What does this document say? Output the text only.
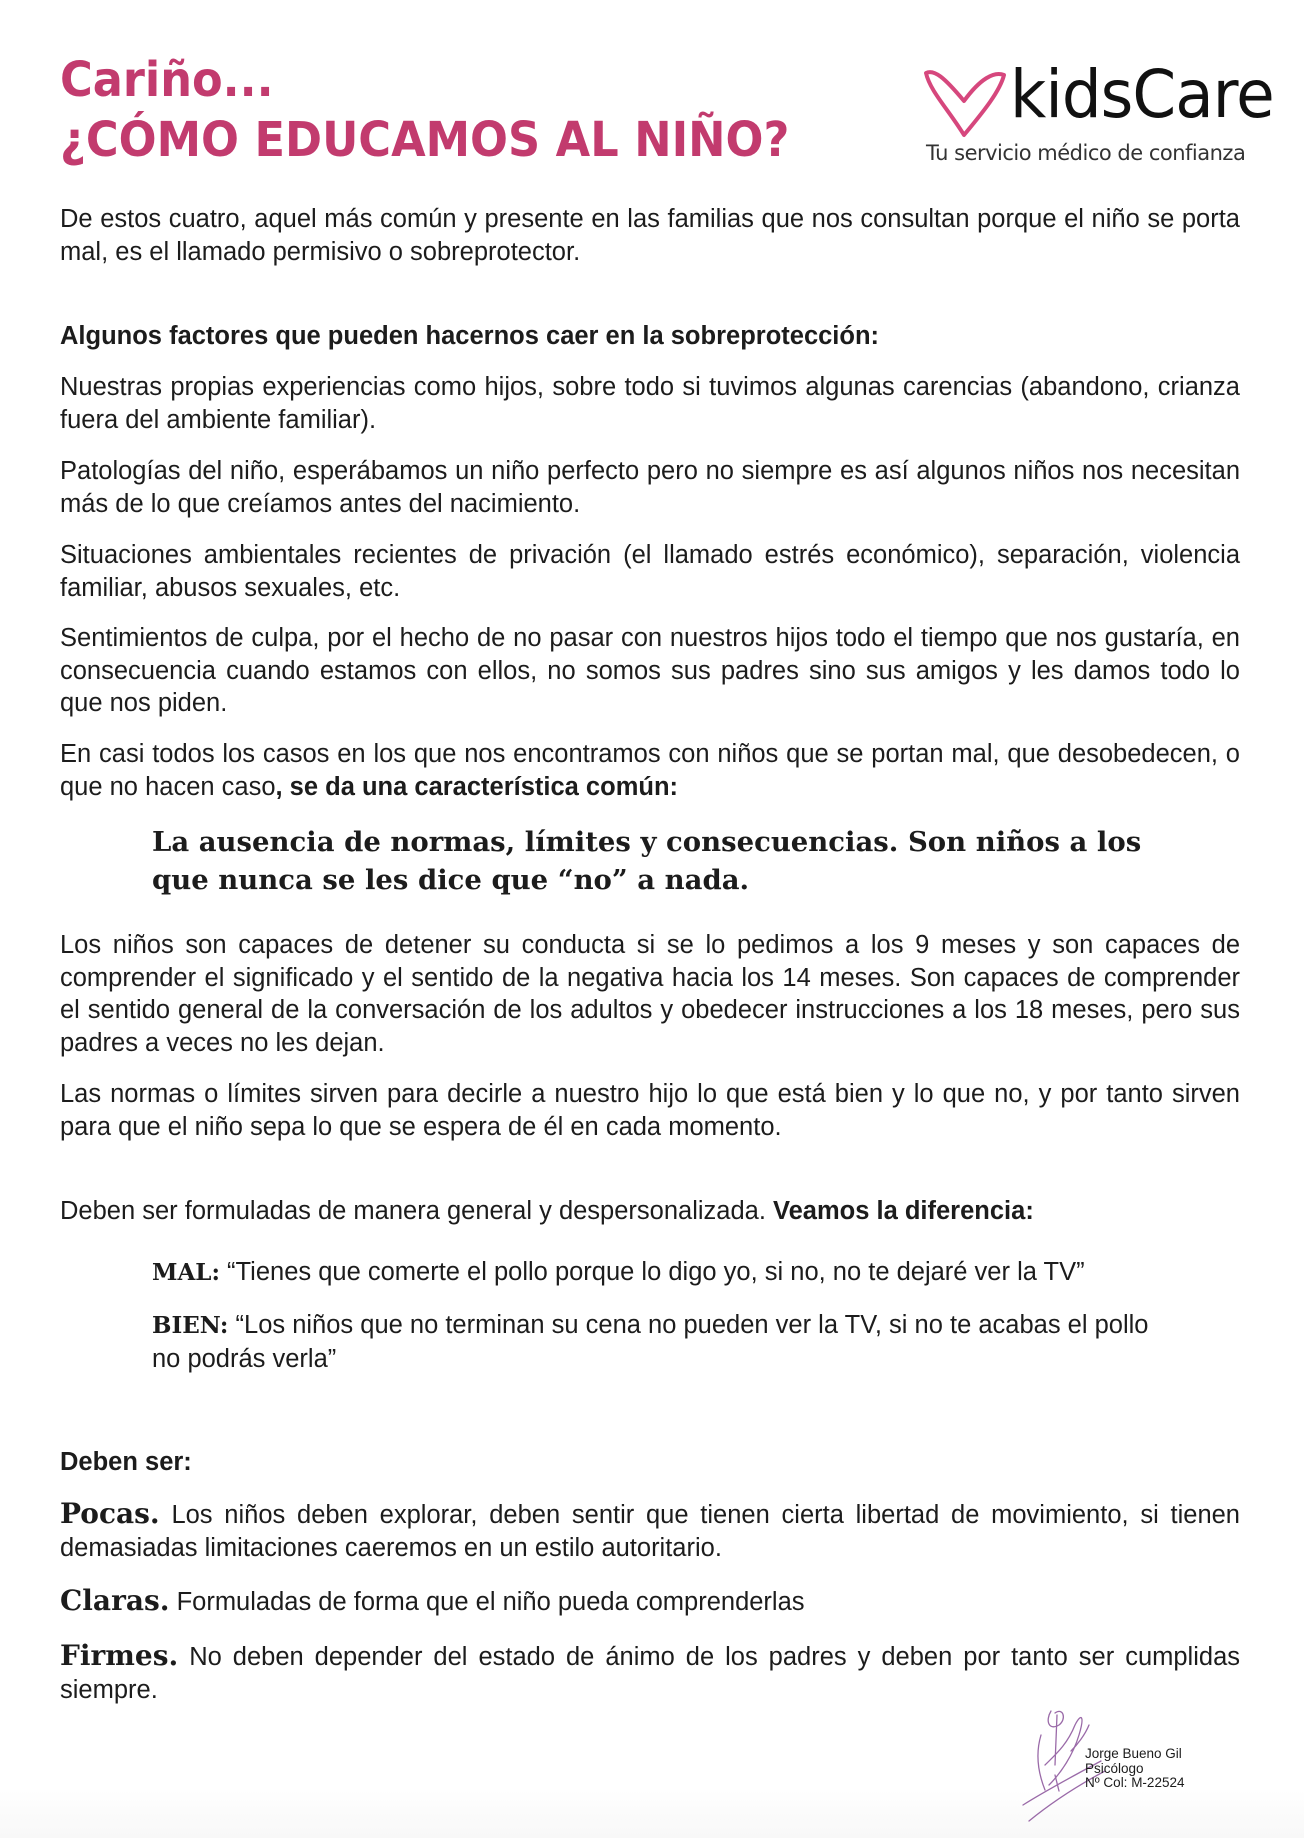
Cariño...
¿CÓMO EDUCAMOS AL NIÑO?
kidsCare
Tu servicio médico de confianza
De estos cuatro, aquel más común y presente en las familias que nos consultan porque el niño se porta mal, es el llamado permisivo o sobreprotector.
Algunos factores que pueden hacernos caer en la sobreprotección:
Nuestras propias experiencias como hijos, sobre todo si tuvimos algunas carencias (abandono, crianza fuera del ambiente familiar).
Patologías del niño, esperábamos un niño perfecto pero no siempre es así algunos niños nos necesitan más de lo que creíamos antes del nacimiento.
Situaciones ambientales recientes de privación (el llamado estrés económico), separación, violencia familiar, abusos sexuales, etc.
Sentimientos de culpa, por el hecho de no pasar con nuestros hijos todo el tiempo que nos gustaría, en consecuencia cuando estamos con ellos, no somos sus padres sino sus amigos y les damos todo lo que nos piden.
En casi todos los casos en los que nos encontramos con niños que se portan mal, que desobedecen, o que no hacen caso, se da una característica común:
La ausencia de normas, límites y consecuencias. Son niños a los que nunca se les dice que “no” a nada.
Los niños son capaces de detener su conducta si se lo pedimos a los 9 meses y son capaces de comprender el significado y el sentido de la negativa hacia los 14 meses. Son capaces de comprender el sentido general de la conversación de los adultos y obedecer instrucciones a los 18 meses, pero sus padres a veces no les dejan.
Las normas o límites sirven para decirle a nuestro hijo lo que está bien y lo que no, y por tanto sirven para que el niño sepa lo que se espera de él en cada momento.
Deben ser formuladas de manera general y despersonalizada. Veamos la diferencia:
MAL: “Tienes que comerte el pollo porque lo digo yo, si no, no te dejaré ver la TV”
BIEN: “Los niños que no terminan su cena no pueden ver la TV, si no te acabas el pollo no podrás verla”
Deben ser:
Pocas. Los niños deben explorar, deben sentir que tienen cierta libertad de movimiento, si tienen demasiadas limitaciones caeremos en un estilo autoritario.
Claras. Formuladas de forma que el niño pueda comprenderlas
Firmes. No deben depender del estado de ánimo de los padres y deben por tanto ser cumplidas siempre.
Jorge Bueno Gil
Psicólogo
Nº Col: M-22524
